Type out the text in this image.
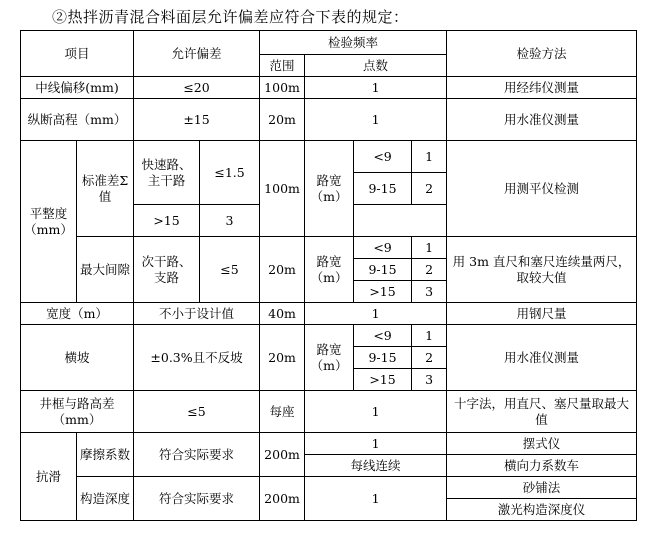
②热拌沥青混合料面层允许偏差应符合下表的规定：
项目		允许偏差		检验频率				检验方法
				范围	点数			
中线偏移(mm)		≤20		100m	1			用经纬仪测量
纵断高程（mm）		±15		20m	1			用水准仪测量
平整度（mm）	标准差Σ值	快速路、主干路	≤1.5	100m	路宽（m）	<9	1	用测平仪检测
						9-15	2	
		>15	3					
	最大间隙	次干路、支路	≤5	20m	路宽（m）	<9	1	用 3m 直尺和塞尺连续量两尺，取较大值
						9-15	2	
						>15	3	
宽度（m）		不小于设计值		40m	1			用钢尺量
横坡		±0.3%且不反坡		20m	路宽（m）	<9	1	用水准仪测量
						9-15	2	
						>15	3	
井框与路高差（mm）		≤5		每座	1			十字法，用直尺、塞尺量取最大值
抗滑	摩擦系数	符合实际要求		200m	1			摆式仪
					每线连续			横向力系数车
	构造深度	符合实际要求		200m	1			砂铺法
								激光构造深度仪
